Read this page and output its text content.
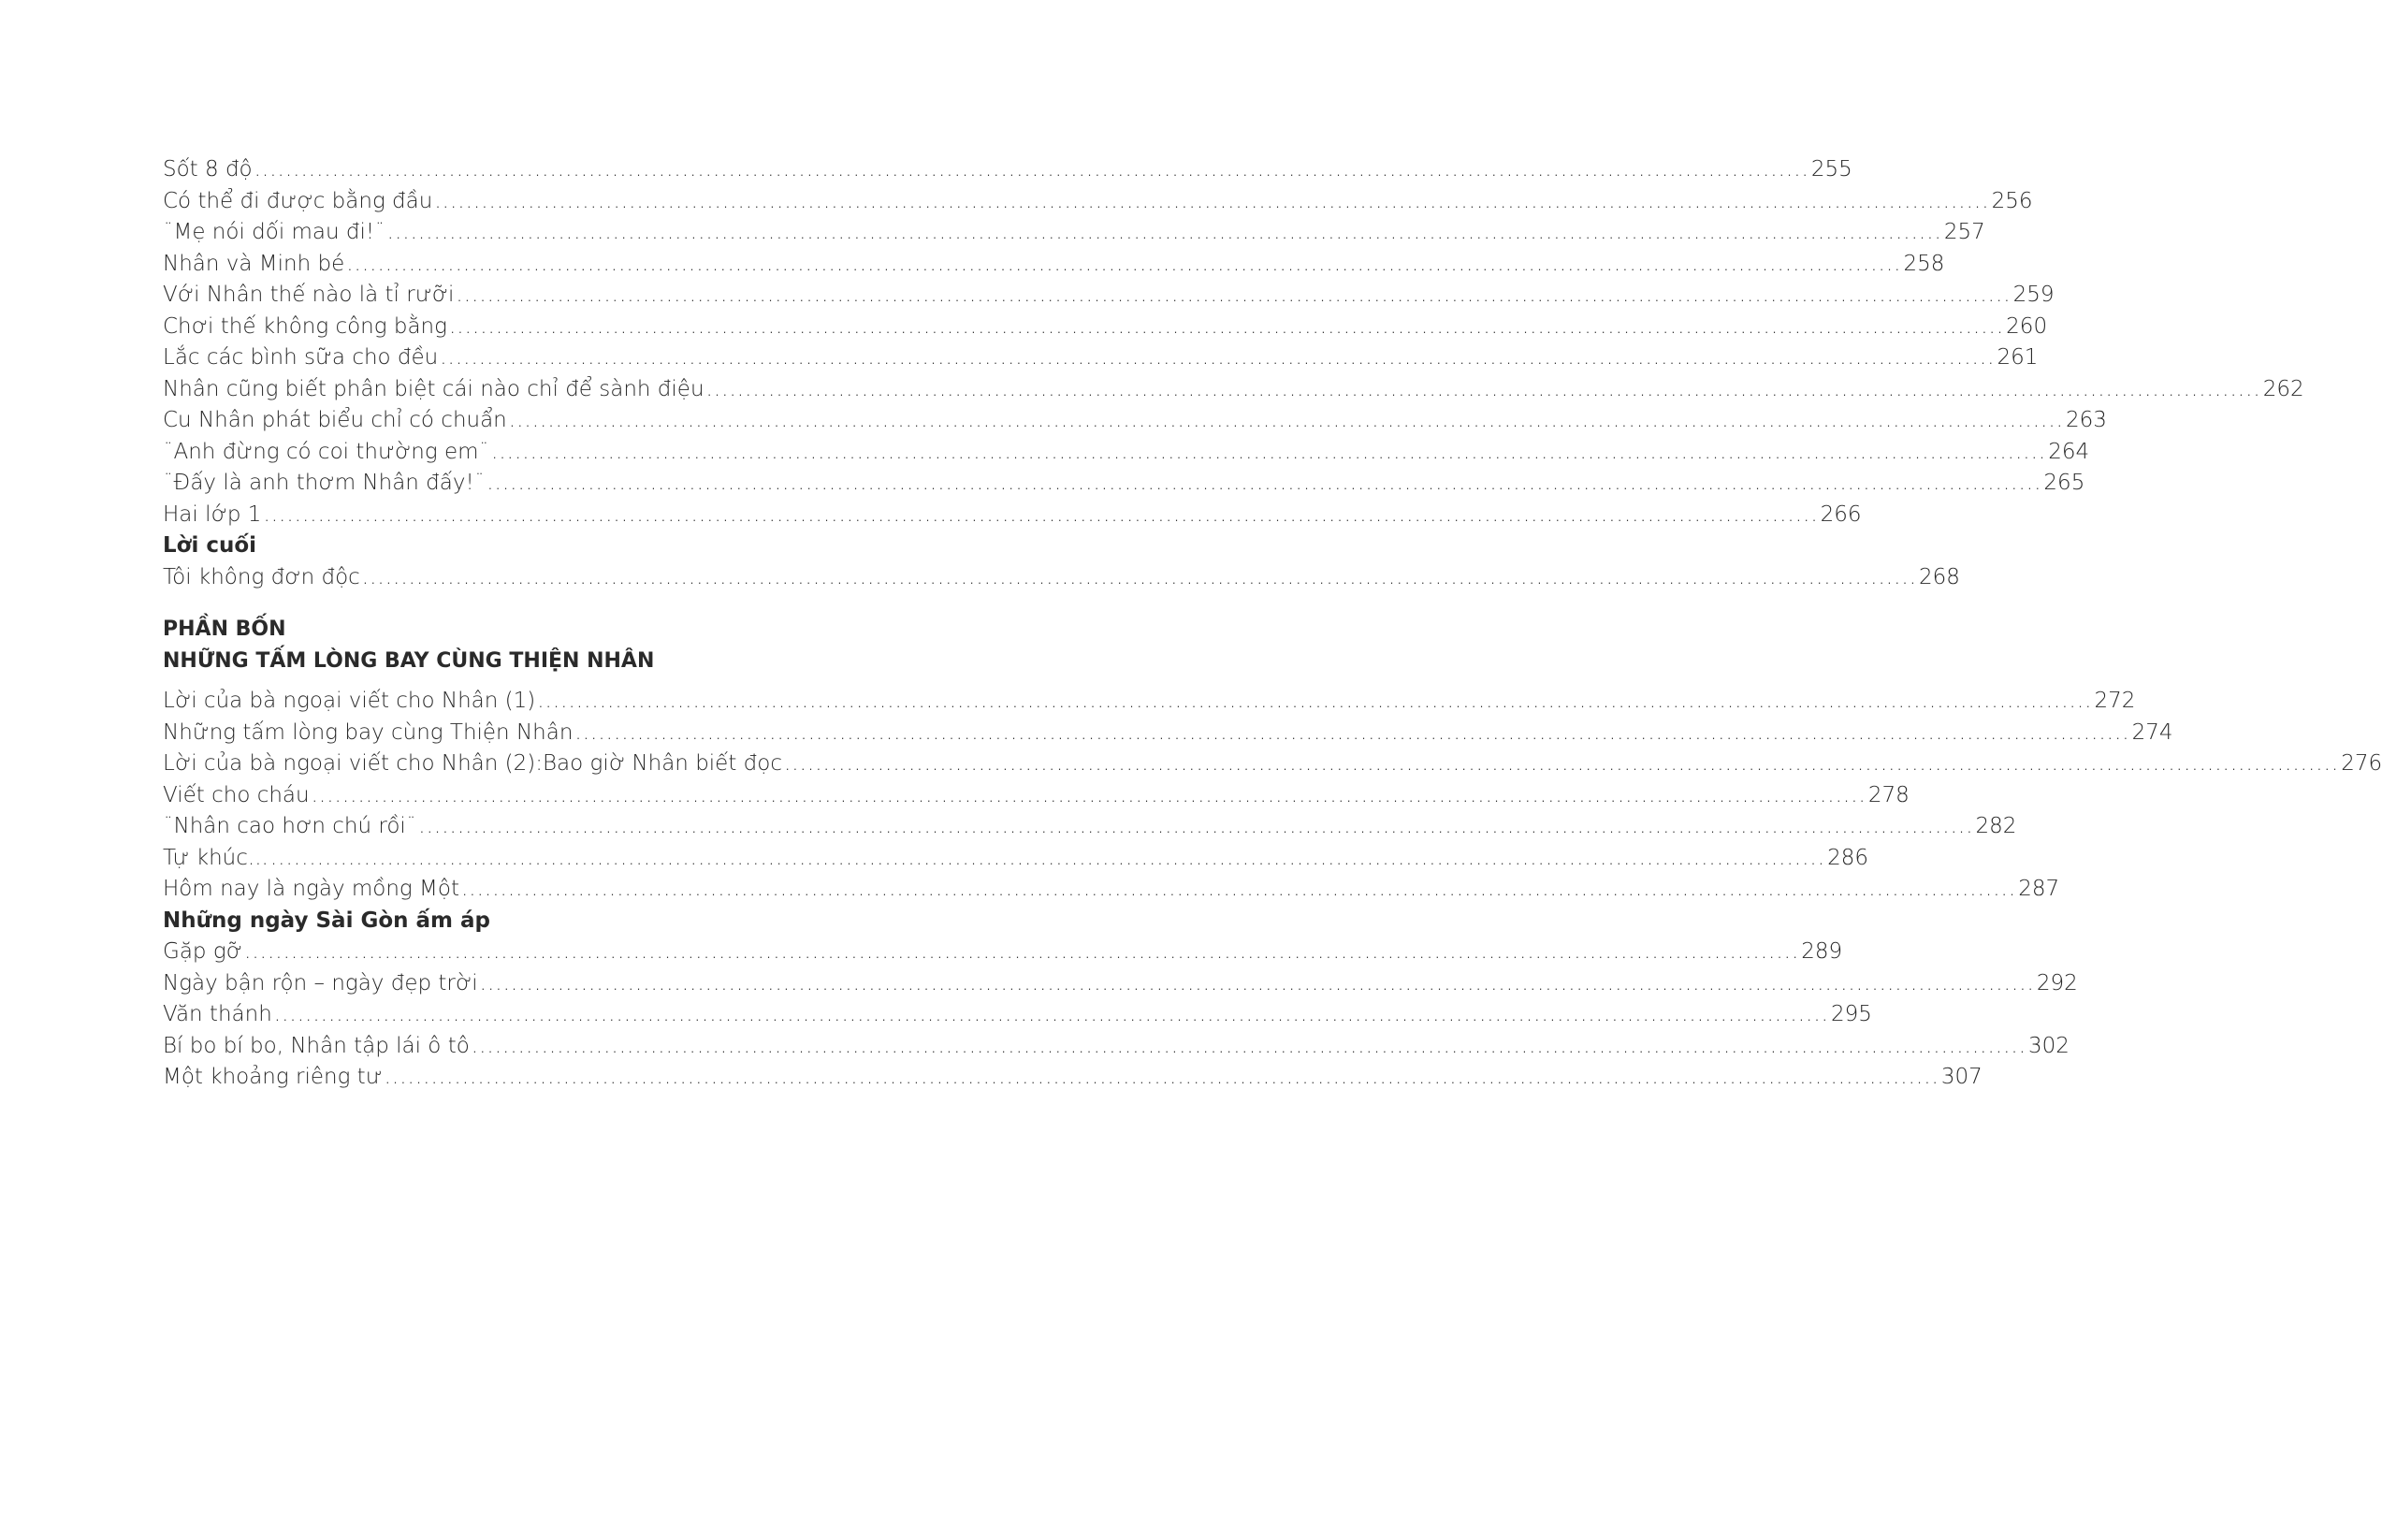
Sốt 8 độ ........................................................................................................................................................................................................ 255
Có thể đi được bằng đầu ........................................................................................................................................................................................................ 256
¨Mẹ nói dối mau đi!¨ ........................................................................................................................................................................................................ 257
Nhân và Minh bé ........................................................................................................................................................................................................ 258
Với Nhân thế nào là tỉ rưỡi ........................................................................................................................................................................................................ 259
Chơi thế không công bằng ........................................................................................................................................................................................................ 260
Lắc các bình sữa cho đều ........................................................................................................................................................................................................ 261
Nhân cũng biết phân biệt cái nào chỉ để sành điệu ........................................................................................................................................................................................................ 262
Cu Nhân phát biểu chỉ có chuẩn ........................................................................................................................................................................................................ 263
¨Anh đừng có coi thường em¨ ........................................................................................................................................................................................................ 264
¨Đấy là anh thơm Nhân đấy!¨ ........................................................................................................................................................................................................ 265
Hai lớp 1 ........................................................................................................................................................................................................ 266
Lời cuối
Tôi không đơn độc ........................................................................................................................................................................................................ 268
PHẦN BỐN
NHỮNG TẤM LÒNG BAY CÙNG THIỆN NHÂN
Lời của bà ngoại viết cho Nhân (1) ........................................................................................................................................................................................................ 272
Những tấm lòng bay cùng Thiện Nhân ........................................................................................................................................................................................................ 274
Lời của bà ngoại viết cho Nhân (2):Bao giờ Nhân biết đọc ........................................................................................................................................................................................................ 276
Viết cho cháu ........................................................................................................................................................................................................ 278
¨Nhân cao hơn chú rồi¨ ........................................................................................................................................................................................................ 282
Tự khúc... ........................................................................................................................................................................................................ 286
Hôm nay là ngày mồng Một ........................................................................................................................................................................................................ 287
Những ngày Sài Gòn ấm áp
Gặp gỡ ........................................................................................................................................................................................................ 289
Ngày bận rộn – ngày đẹp trời ........................................................................................................................................................................................................ 292
Văn thánh ........................................................................................................................................................................................................ 295
Bí bo bí bo, Nhân tập lái ô tô ........................................................................................................................................................................................................ 302
Một khoảng riêng tư ........................................................................................................................................................................................................ 307
